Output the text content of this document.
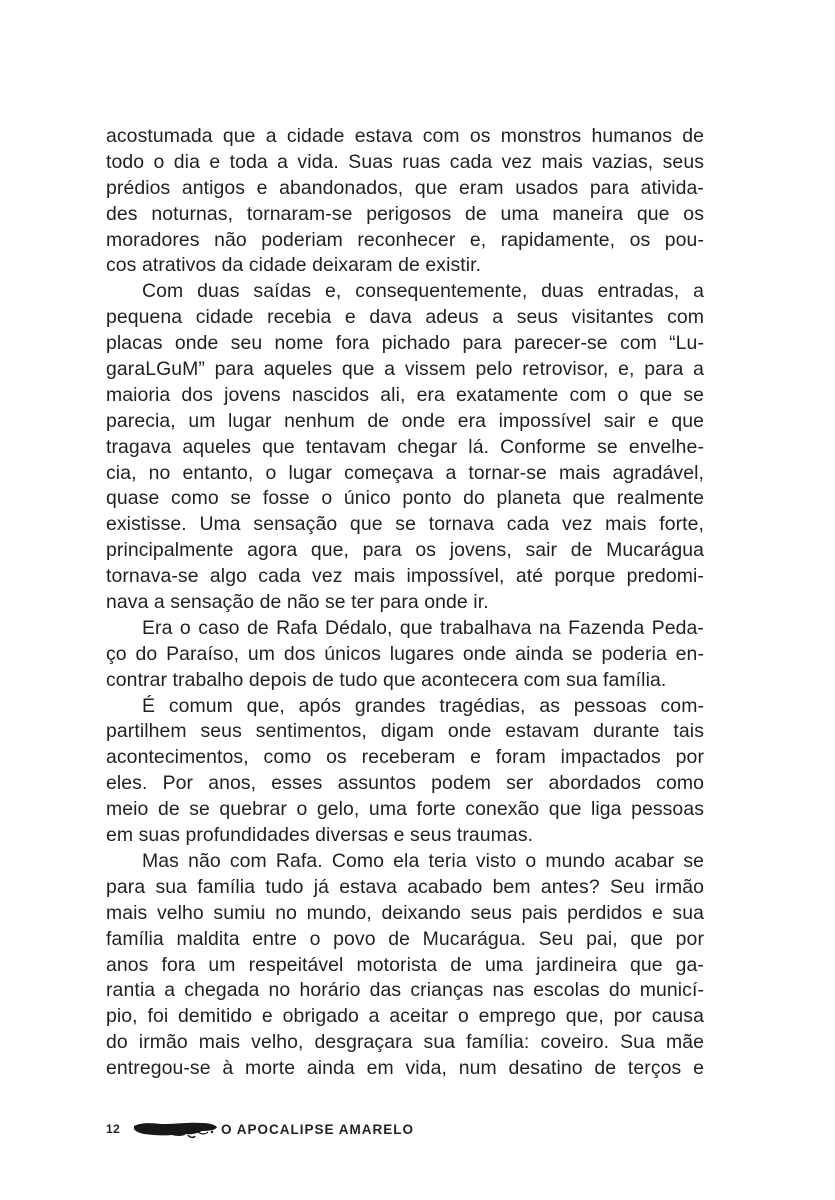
acostumada que a cidade estava com os monstros humanos de
todo o dia e toda a vida. Suas ruas cada vez mais vazias, seus
prédios antigos e abandonados, que eram usados para ativida-
des noturnas, tornaram-se perigosos de uma maneira que os
moradores não poderiam reconhecer e, rapidamente, os pou-
cos atrativos da cidade deixaram de existir.
Com duas saídas e, consequentemente, duas entradas, a
pequena cidade recebia e dava adeus a seus visitantes com
placas onde seu nome fora pichado para parecer-se com “Lu-
garaLGuM” para aqueles que a vissem pelo retrovisor, e, para a
maioria dos jovens nascidos ali, era exatamente com o que se
parecia, um lugar nenhum de onde era impossível sair e que
tragava aqueles que tentavam chegar lá. Conforme se envelhe-
cia, no entanto, o lugar começava a tornar-se mais agradável,
quase como se fosse o único ponto do planeta que realmente
existisse. Uma sensação que se tornava cada vez mais forte,
principalmente agora que, para os jovens, sair de Mucarágua
tornava-se algo cada vez mais impossível, até porque predomi-
nava a sensação de não se ter para onde ir.
Era o caso de Rafa Dédalo, que trabalhava na Fazenda Peda-
ço do Paraíso, um dos únicos lugares onde ainda se poderia en-
contrar trabalho depois de tudo que acontecera com sua família.
É comum que, após grandes tragédias, as pessoas com-
partilhem seus sentimentos, digam onde estavam durante tais
acontecimentos, como os receberam e foram impactados por
eles. Por anos, esses assuntos podem ser abordados como
meio de se quebrar o gelo, uma forte conexão que liga pessoas
em suas profundidades diversas e seus traumas.
Mas não com Rafa. Como ela teria visto o mundo acabar se
para sua família tudo já estava acabado bem antes? Seu irmão
mais velho sumiu no mundo, deixando seus pais perdidos e sua
família maldita entre o povo de Mucarágua. Seu pai, que por
anos fora um respeitável motorista de uma jardineira que ga-
rantia a chegada no horário das crianças nas escolas do municí-
pio, foi demitido e obrigado a aceitar o emprego que, por causa
do irmão mais velho, desgraçara sua família: coveiro. Sua mãe
entregou-se à morte ainda em vida, num desatino de terços e
12	O APOCALIPSE AMARELO
